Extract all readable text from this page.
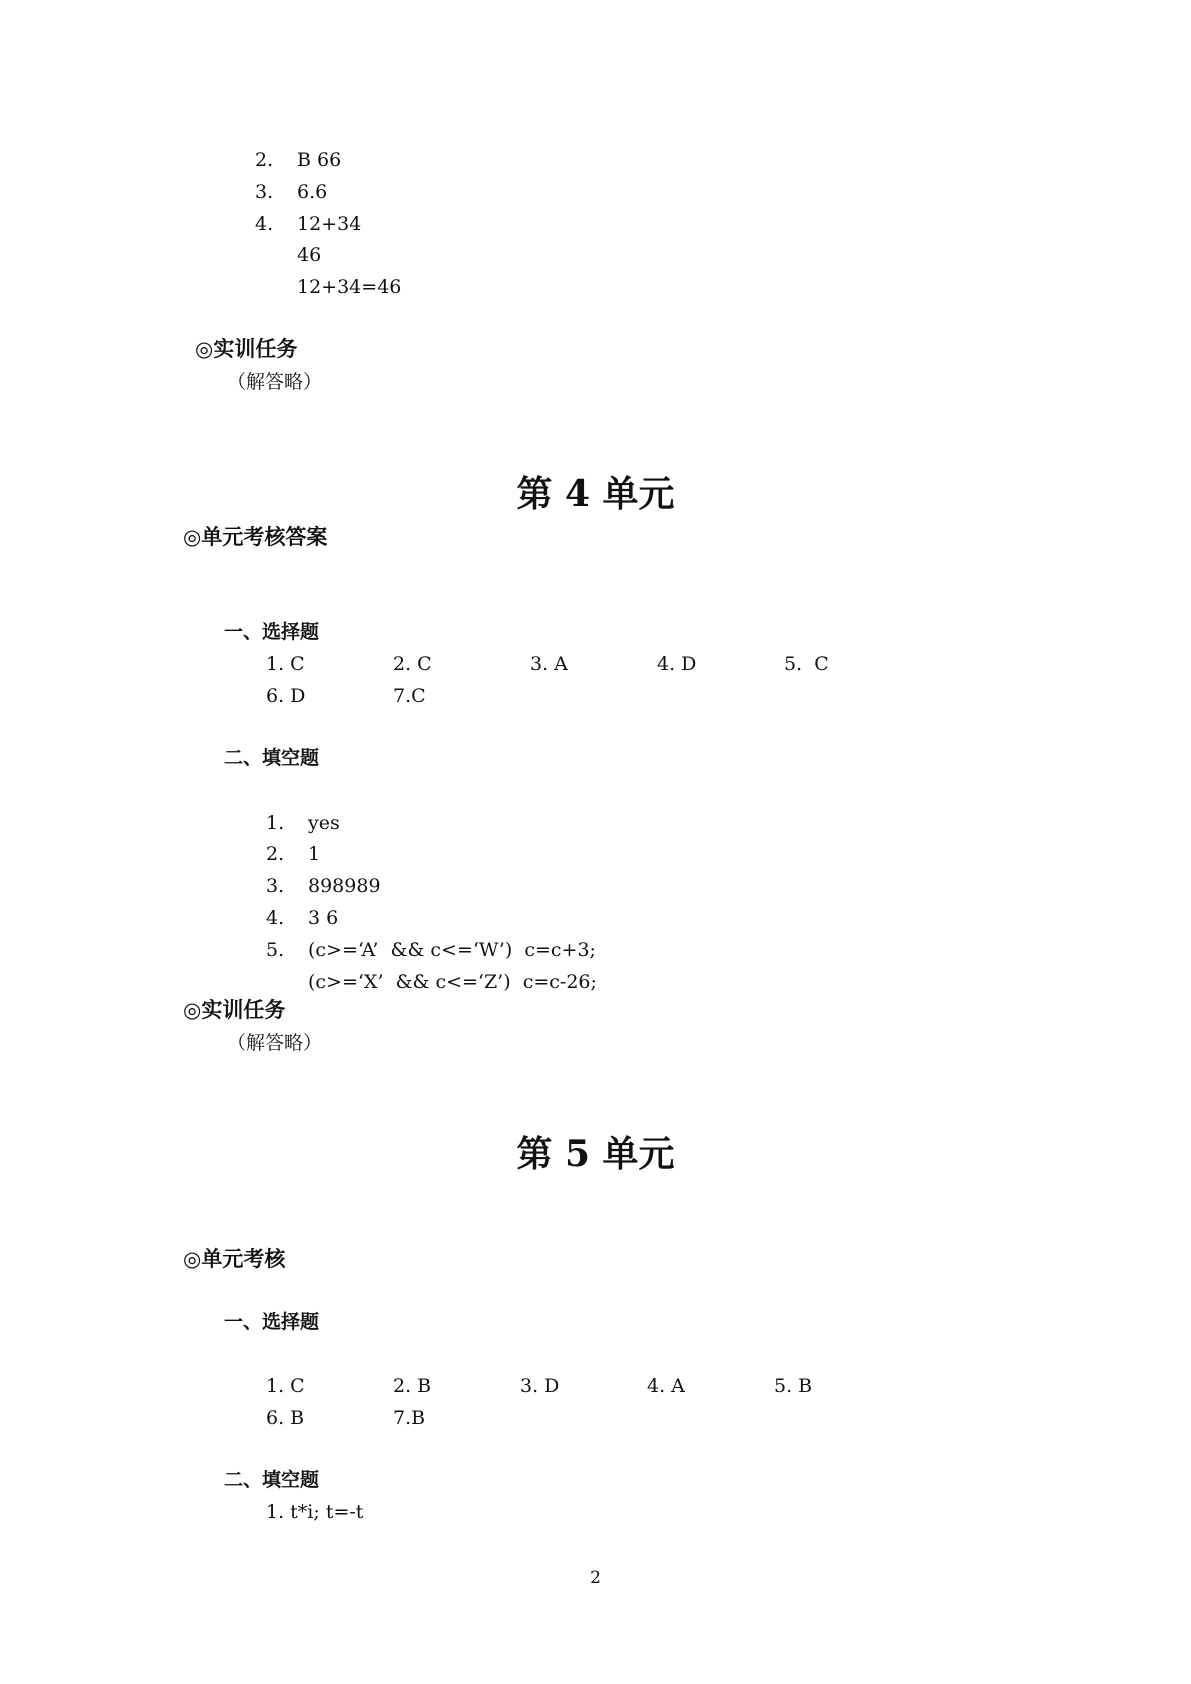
2. B 66
3. 6.6
4. 12+34
46
12+34=46
◎实训任务
（解答略）
第 4 单元
◎单元考核答案
一、选择题
1. C	2. C	3. A	4. D	5.  C
6. D	7.C
二、填空题
1. yes
2. 1
3. 898989
4. 3 6
5. (c>=‘A’  && c<=‘W’)  c=c+3;
(c>=‘X’  && c<=‘Z’)  c=c-26;
◎实训任务
（解答略）
第 5 单元
◎单元考核
一、选择题
1. C	2. B	3. D	4. A	5. B
6. B	7.B
二、填空题
1. t*i; t=-t
2
